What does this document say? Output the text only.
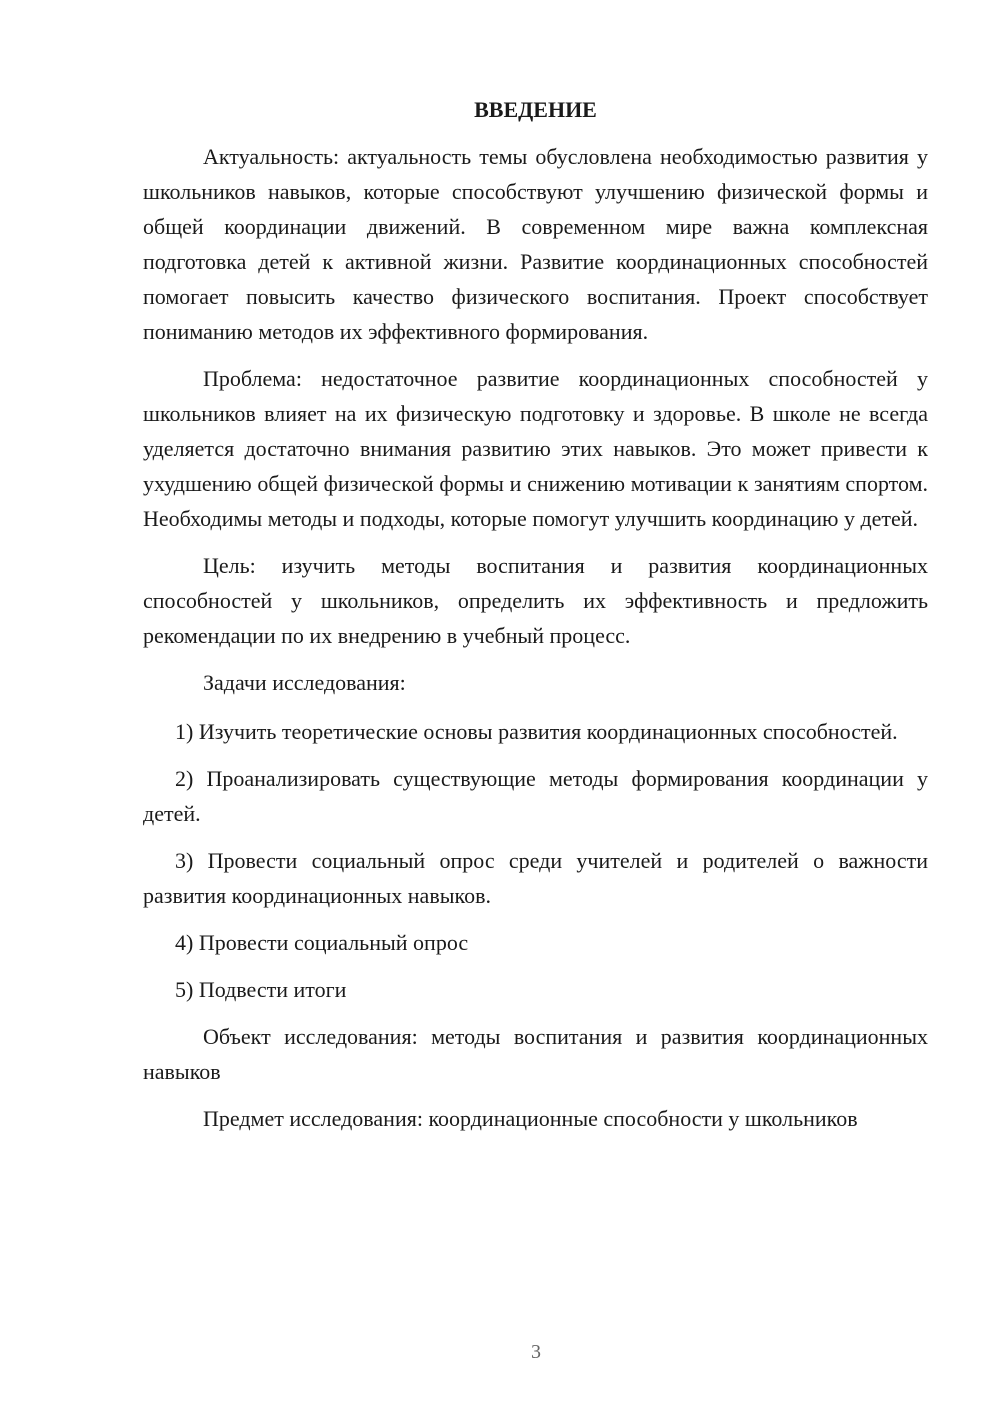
ВВЕДЕНИЕ

Актуальность: актуальность темы обусловлена необходимостью развития у школьников навыков, которые способствуют улучшению физической формы и общей координации движений. В современном мире важна комплексная подготовка детей к активной жизни. Развитие координационных способностей помогает повысить качество физического воспитания. Проект способствует пониманию методов их эффективного формирования.

Проблема: недостаточное развитие координационных способностей у школьников влияет на их физическую подготовку и здоровье. В школе не всегда уделяется достаточно внимания развитию этих навыков. Это может привести к ухудшению общей физической формы и снижению мотивации к занятиям спортом. Необходимы методы и подходы, которые помогут улучшить координацию у детей.

Цель: изучить методы воспитания и развития координационных способностей у школьников, определить их эффективность и предложить рекомендации по их внедрению в учебный процесс.

Задачи исследования:

1) Изучить теоретические основы развития координационных способностей.

2) Проанализировать существующие методы формирования координации у детей.

3) Провести социальный опрос среди учителей и родителей о важности развития координационных навыков.

4) Провести социальный опрос

5) Подвести итоги

Объект исследования: методы воспитания и развития координационных навыков

Предмет исследования: координационные способности у школьников

3
